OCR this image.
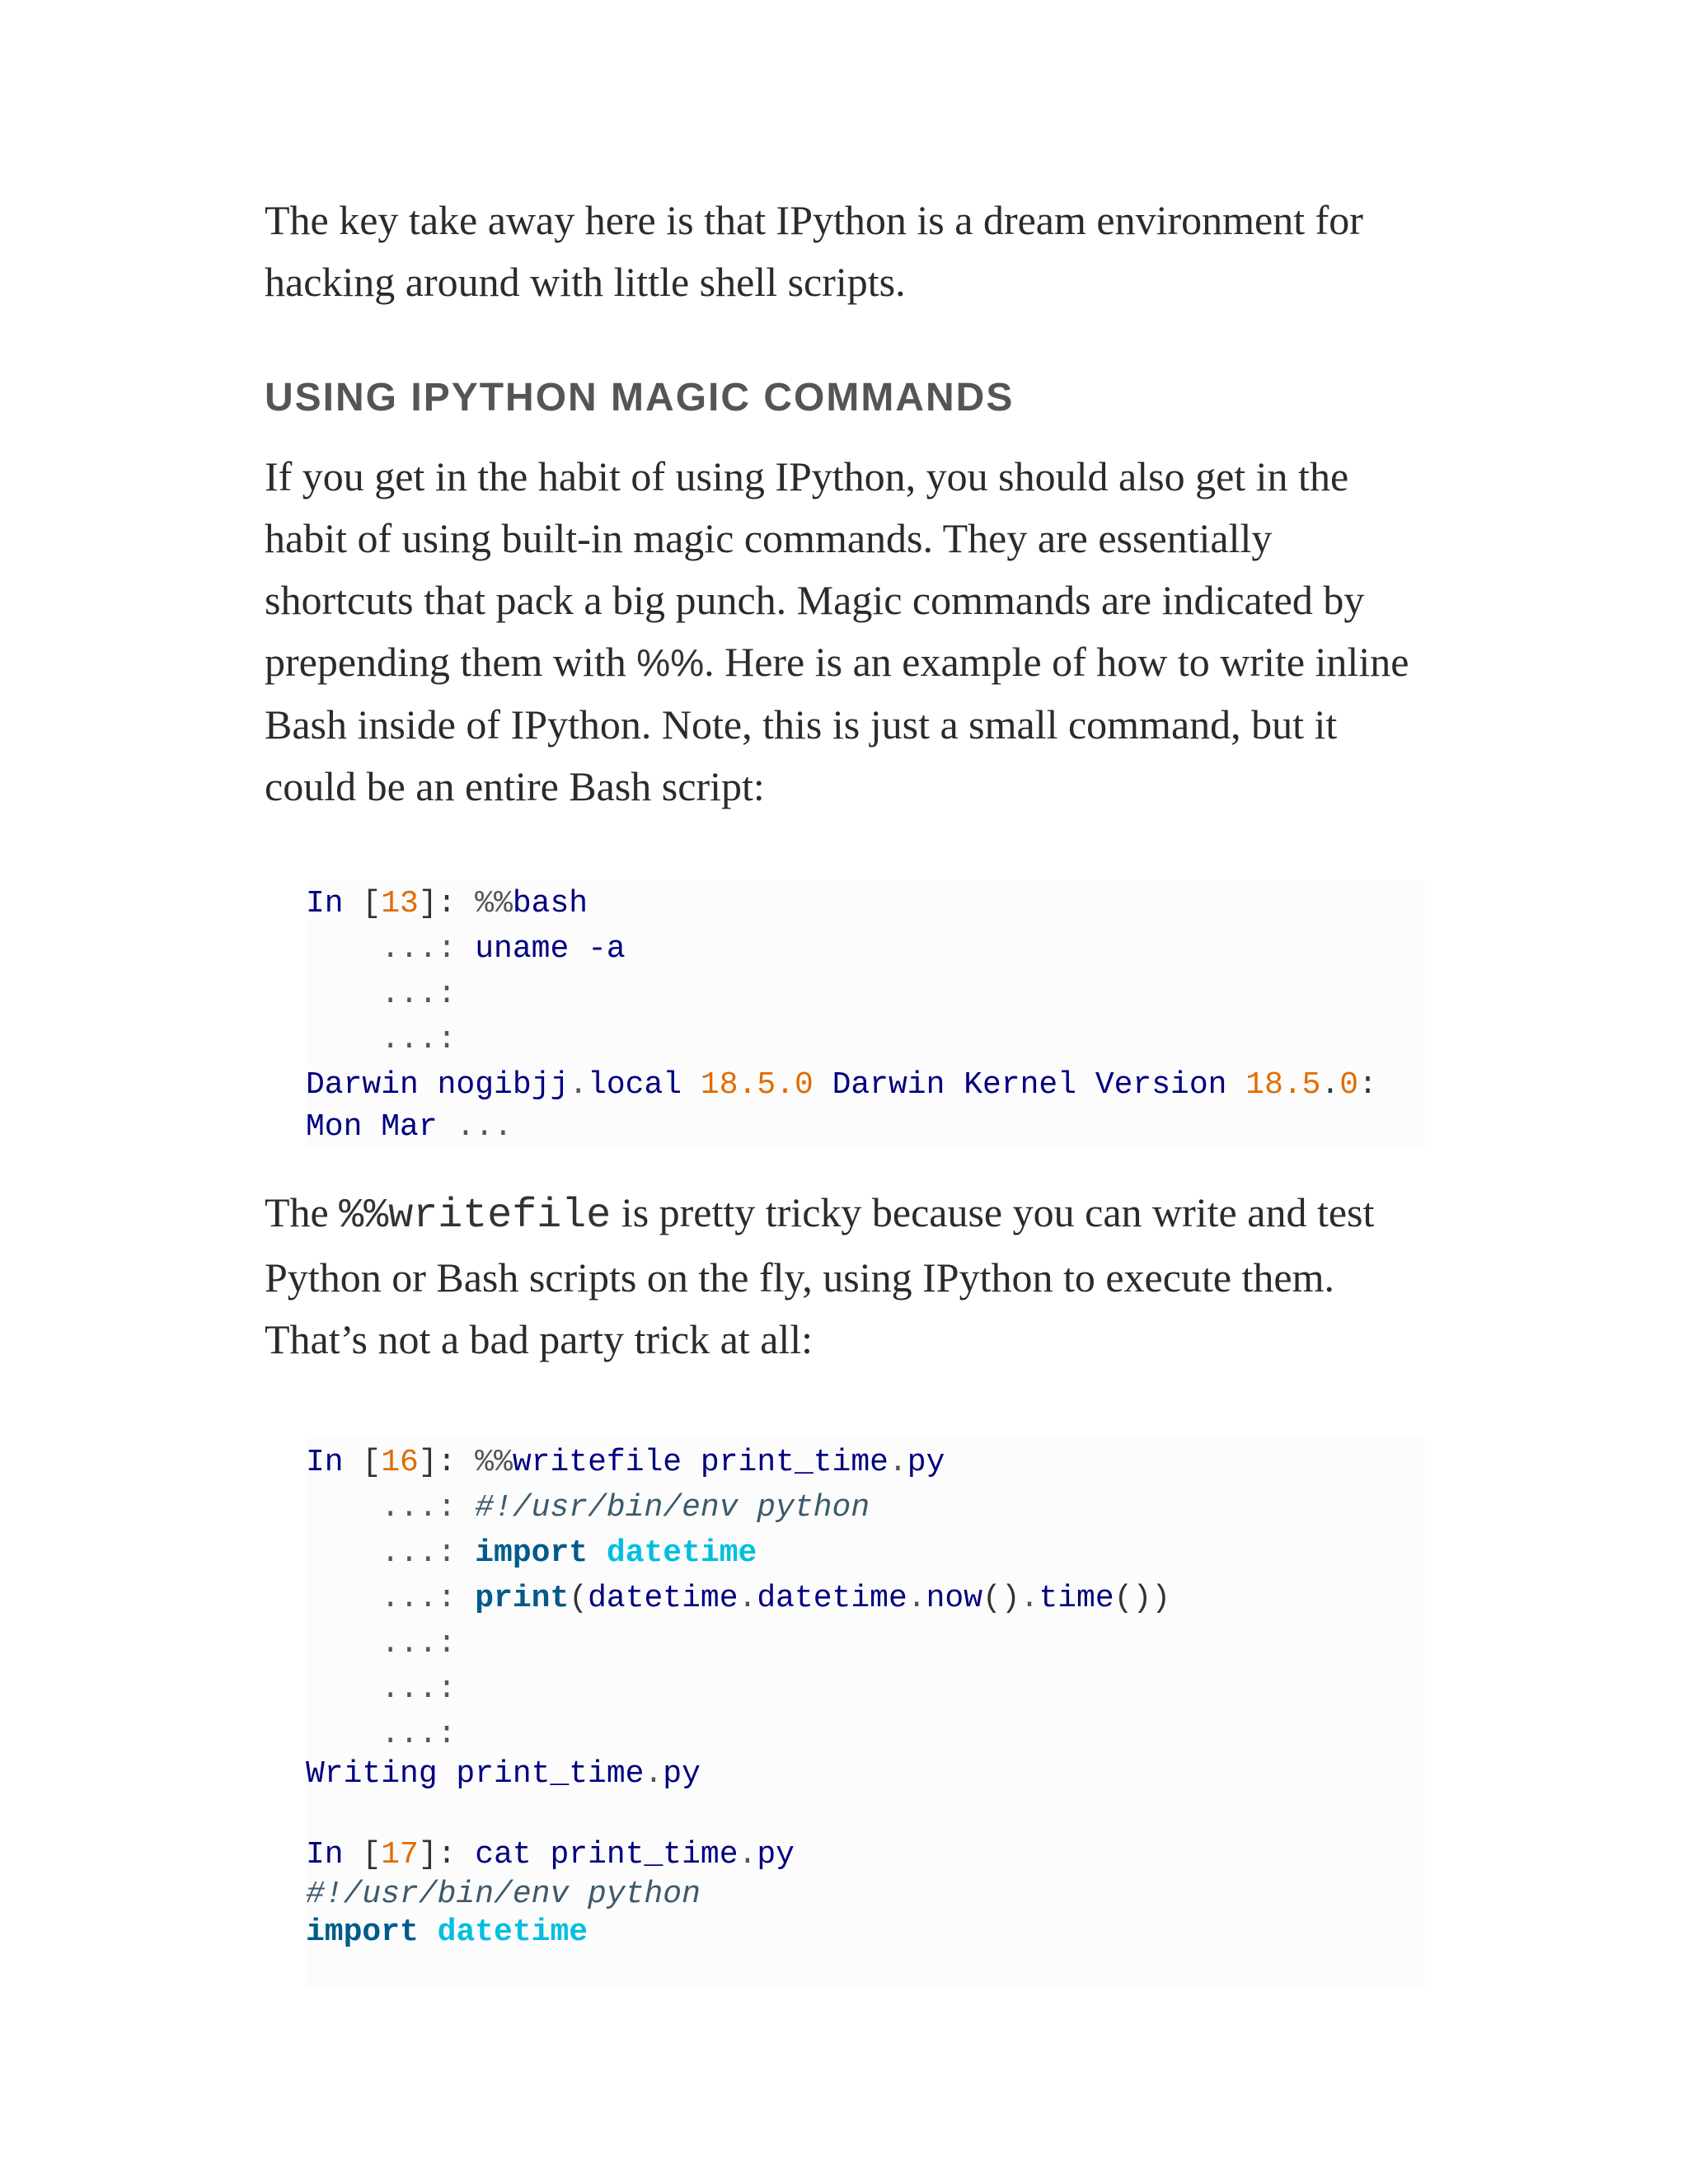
The key take away here is that IPython is a dream environment for hacking around with little shell scripts.

USING IPYTHON MAGIC COMMANDS

If you get in the habit of using IPython, you should also get in the habit of using built-in magic commands. They are essentially shortcuts that pack a big punch. Magic commands are indicated by prepending them with %%. Here is an example of how to write inline Bash inside of IPython. Note, this is just a small command, but it could be an entire Bash script:

In [13]: %%bash
...: uname -a
...:
...:
Darwin nogibjj.local 18.5.0 Darwin Kernel Version 18.5.0:
Mon Mar ...

The %%writefile is pretty tricky because you can write and test Python or Bash scripts on the fly, using IPython to execute them. That’s not a bad party trick at all:

In [16]: %%writefile print_time.py
...: #!/usr/bin/env python
...: import datetime
...: print(datetime.datetime.now().time())
...:
...:
...:
Writing print_time.py
In [17]: cat print_time.py
#!/usr/bin/env python
import datetime
